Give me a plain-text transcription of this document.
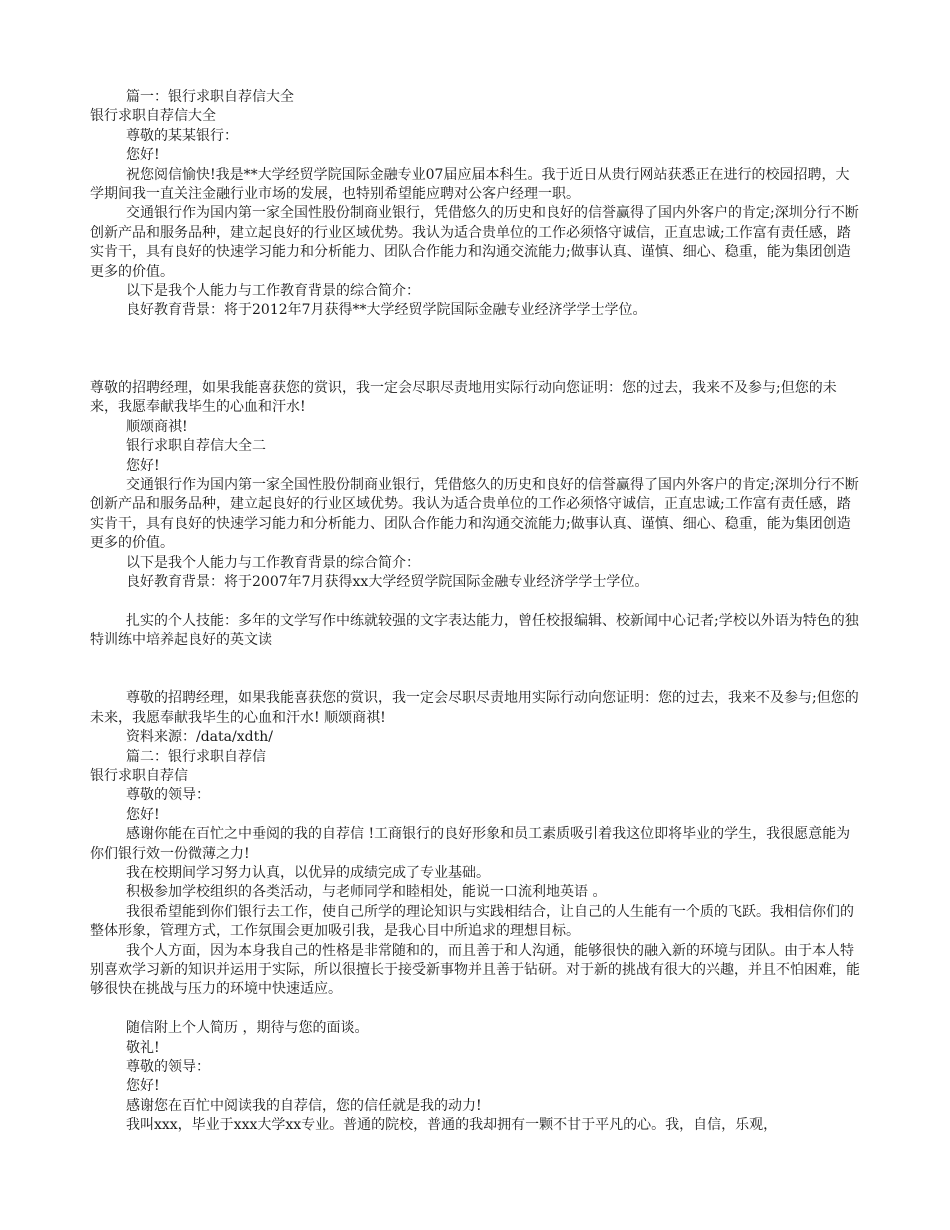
篇一：银行求职自荐信大全

银行求职自荐信大全

尊敬的某某银行：

您好!

祝您阅信愉快!我是**大学经贸学院国际金融专业07届应届本科生。我于近日从贵行网站获悉正在进行的校园招聘，大学期间我一直关注金融行业市场的发展，也特别希望能应聘对公客户经理一职。

交通银行作为国内第一家全国性股份制商业银行，凭借悠久的历史和良好的信誉赢得了国内外客户的肯定;深圳分行不断创新产品和服务品种，建立起良好的行业区域优势。我认为适合贵单位的工作必须恪守诚信，正直忠诚;工作富有责任感，踏实肯干，具有良好的快速学习能力和分析能力、团队合作能力和沟通交流能力;做事认真、谨慎、细心、稳重，能为集团创造更多的价值。

以下是我个人能力与工作教育背景的综合简介：

良好教育背景：将于2012年7月获得**大学经贸学院国际金融专业经济学学士学位。

尊敬的招聘经理，如果我能喜获您的赏识，我一定会尽职尽责地用实际行动向您证明：您的过去，我来不及参与;但您的未来，我愿奉献我毕生的心血和汗水!

顺颂商祺!

银行求职自荐信大全二

您好!

交通银行作为国内第一家全国性股份制商业银行，凭借悠久的历史和良好的信誉赢得了国内外客户的肯定;深圳分行不断创新产品和服务品种，建立起良好的行业区域优势。我认为适合贵单位的工作必须恪守诚信，正直忠诚;工作富有责任感，踏实肯干，具有良好的快速学习能力和分析能力、团队合作能力和沟通交流能力;做事认真、谨慎、细心、稳重，能为集团创造更多的价值。

以下是我个人能力与工作教育背景的综合简介：

良好教育背景：将于2007年7月获得xx大学经贸学院国际金融专业经济学学士学位。

扎实的个人技能：多年的文学写作中练就较强的文字表达能力，曾任校报编辑、校新闻中心记者;学校以外语为特色的独特训练中培养起良好的英文读

尊敬的招聘经理，如果我能喜获您的赏识，我一定会尽职尽责地用实际行动向您证明：您的过去，我来不及参与;但您的未来，我愿奉献我毕生的心血和汗水! 顺颂商祺!

资料来源：/data/xdth/

篇二：银行求职自荐信

银行求职自荐信

尊敬的领导：

您好!

感谢你能在百忙之中垂阅的我的自荐信 !工商银行的良好形象和员工素质吸引着我这位即将毕业的学生，我很愿意能为你们银行效一份微薄之力!

我在校期间学习努力认真，以优异的成绩完成了专业基础。

积极参加学校组织的各类活动，与老师同学和睦相处，能说一口流利地英语 。

我很希望能到你们银行去工作，使自己所学的理论知识与实践相结合，让自己的人生能有一个质的飞跃。我相信你们的整体形象，管理方式，工作氛围会更加吸引我，是我心目中所追求的理想目标。

我个人方面，因为本身我自己的性格是非常随和的，而且善于和人沟通，能够很快的融入新的环境与团队。由于本人特别喜欢学习新的知识并运用于实际，所以很擅长于接受新事物并且善于钻研。对于新的挑战有很大的兴趣，并且不怕困难，能够很快在挑战与压力的环境中快速适应。

随信附上个人简历 ，期待与您的面谈。

敬礼!

尊敬的领导：

您好!

感谢您在百忙中阅读我的自荐信，您的信任就是我的动力!

我叫xxx，毕业于xxx大学xx专业。普通的院校，普通的我却拥有一颗不甘于平凡的心。我，自信，乐观，
